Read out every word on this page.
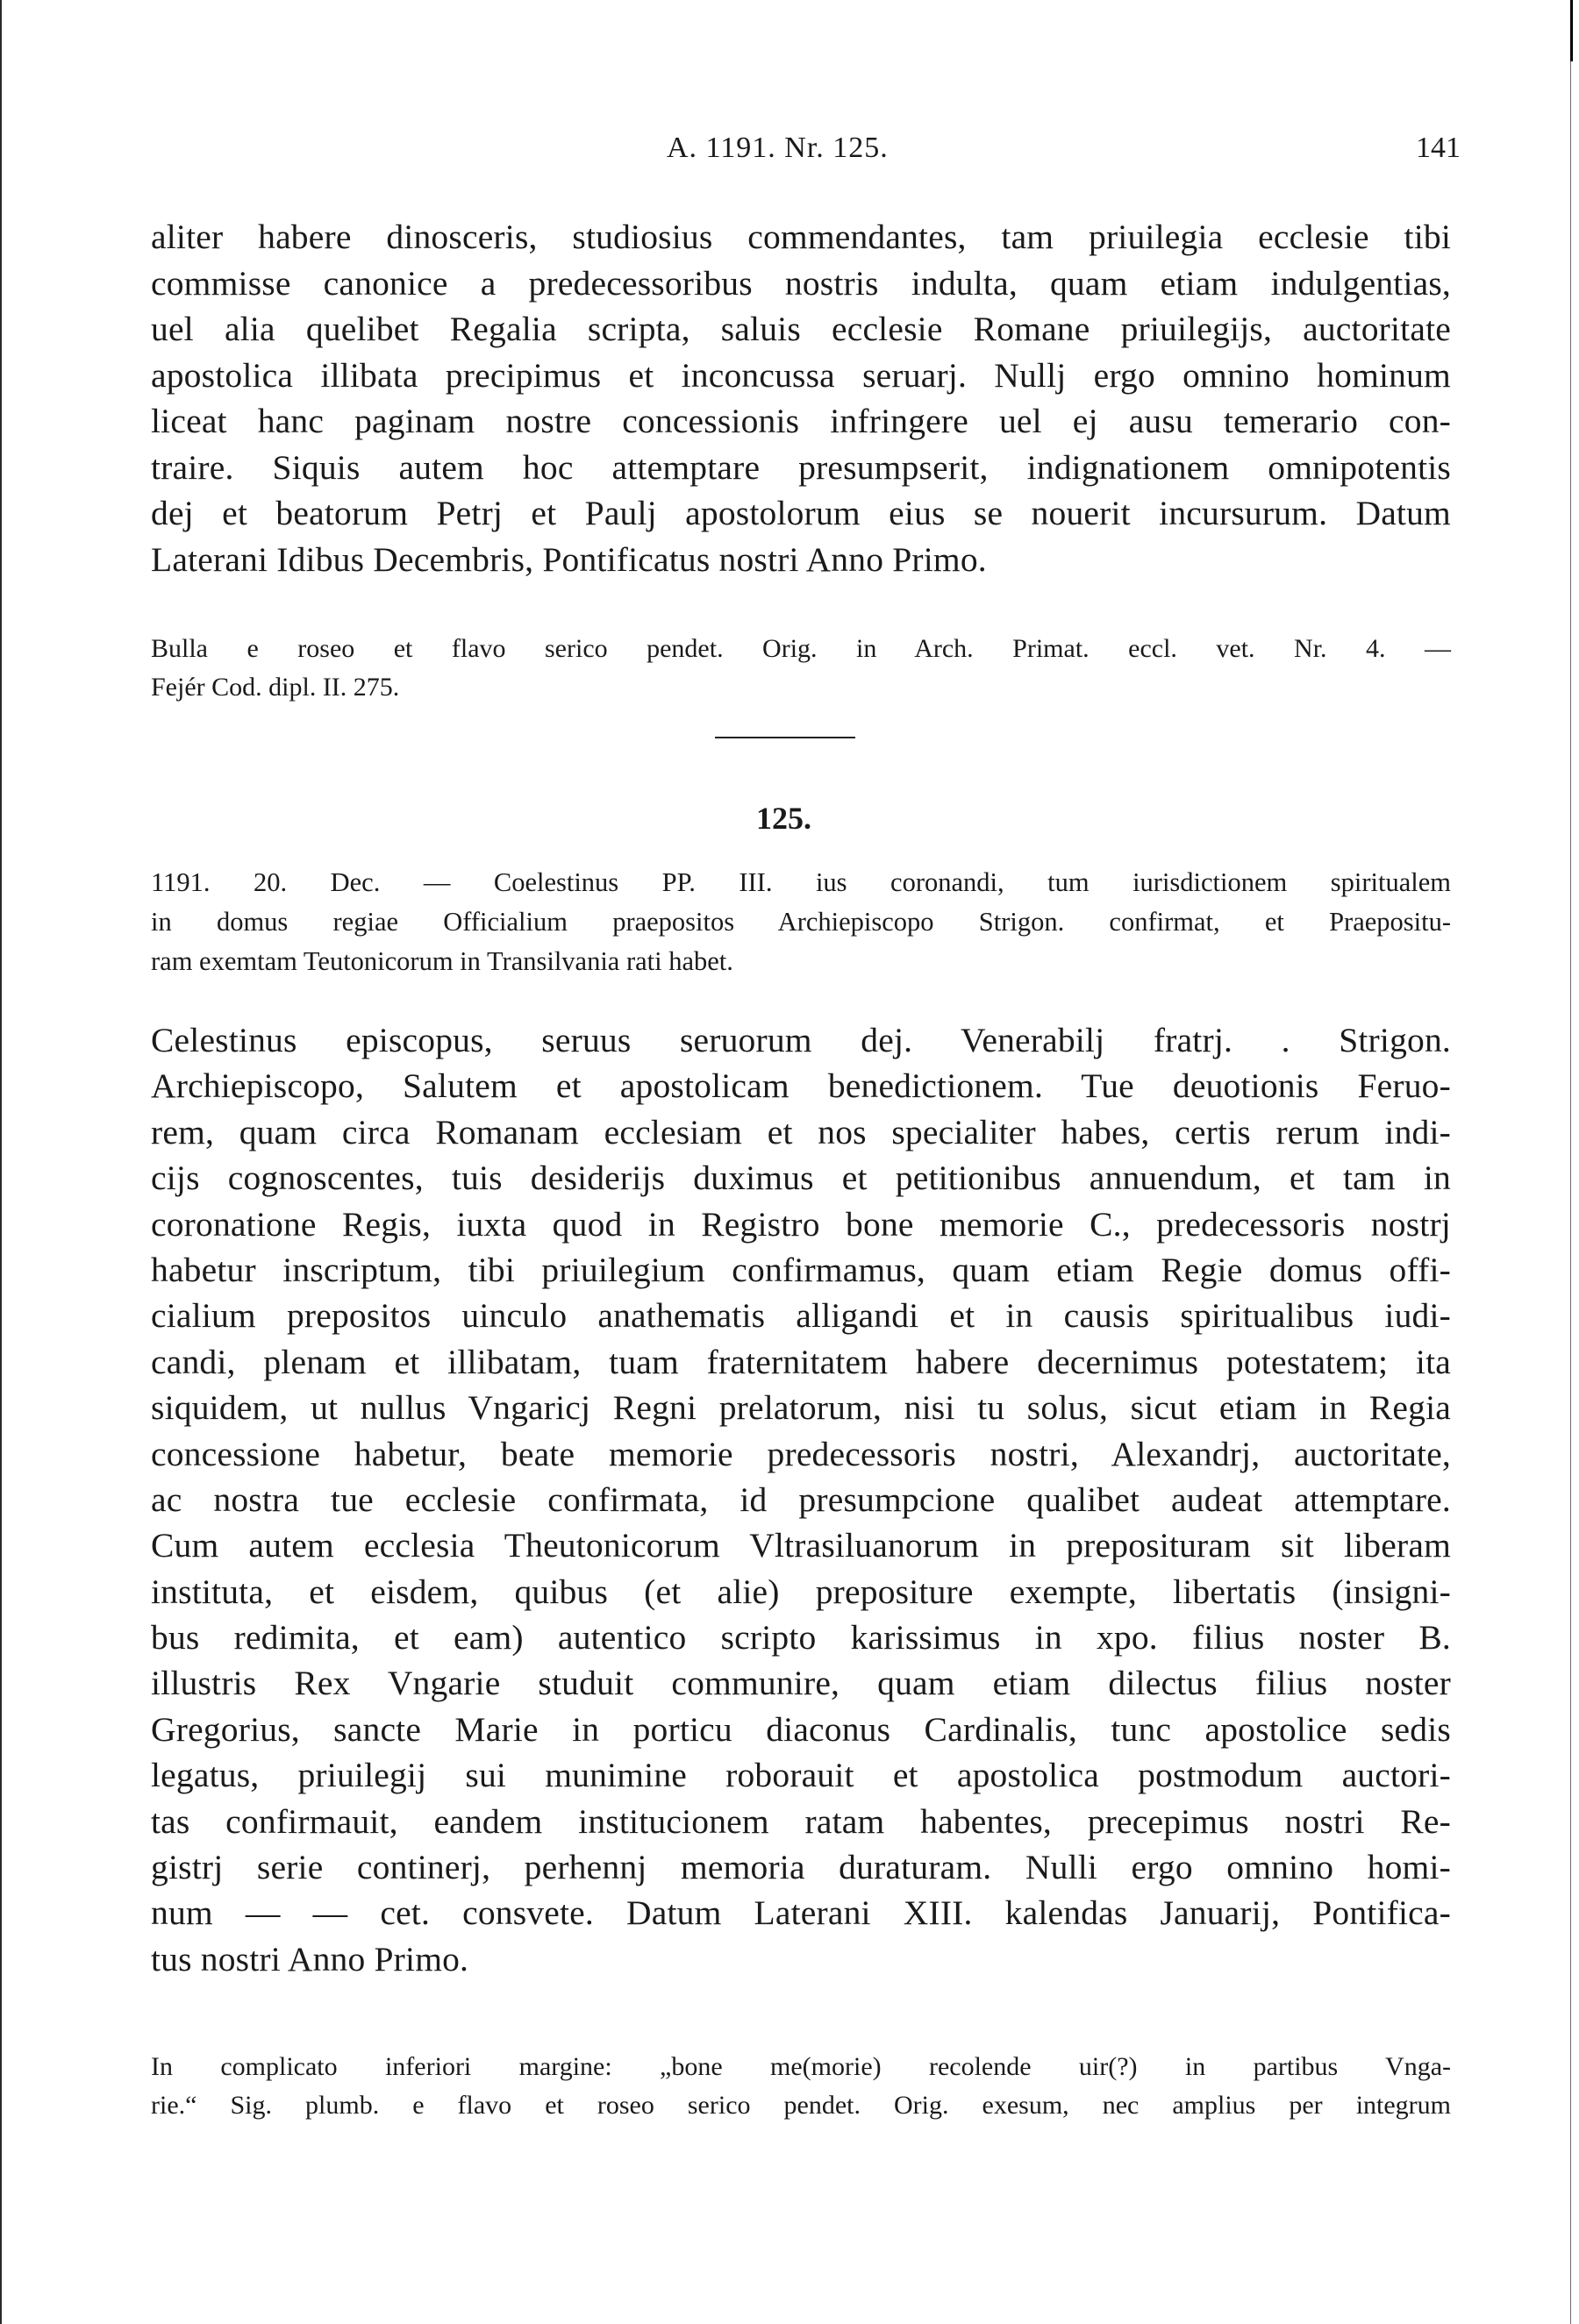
A. 1191. Nr. 125.	141
aliter habere dinosceris, studiosius commendantes, tam priuilegia ecclesie tibi
commisse canonice a predecessoribus nostris indulta, quam etiam indulgentias,
uel alia quelibet Regalia scripta, saluis ecclesie Romane priuilegijs, auctoritate
apostolica illibata precipimus et inconcussa seruarj. Nullj ergo omnino hominum
liceat hanc paginam nostre concessionis infringere uel ej ausu temerario con-
traire. Siquis autem hoc attemptare presumpserit, indignationem omnipotentis
dej et beatorum Petrj et Paulj apostolorum eius se nouerit incursurum. Datum
Laterani Idibus Decembris, Pontificatus nostri Anno Primo.
Bulla e roseo et flavo serico pendet. Orig. in Arch. Primat. eccl. vet. Nr. 4. —
Fejér Cod. dipl. II. 275.
125.
1191. 20. Dec. — Coelestinus PP. III. ius coronandi, tum iurisdictionem spiritualem
in domus regiae Officialium praepositos Archiepiscopo Strigon. confirmat, et Praepositu-
ram exemtam Teutonicorum in Transilvania rati habet.
Celestinus episcopus, seruus seruorum dej. Venerabilj fratrj. . Strigon.
Archiepiscopo, Salutem et apostolicam benedictionem. Tue deuotionis Feruo-
rem, quam circa Romanam ecclesiam et nos specialiter habes, certis rerum indi-
cijs cognoscentes, tuis desiderijs duximus et petitionibus annuendum, et tam in
coronatione Regis, iuxta quod in Registro bone memorie C., predecessoris nostrj
habetur inscriptum, tibi priuilegium confirmamus, quam etiam Regie domus offi-
cialium prepositos uinculo anathematis alligandi et in causis spiritualibus iudi-
candi, plenam et illibatam, tuam fraternitatem habere decernimus potestatem; ita
siquidem, ut nullus Vngaricj Regni prelatorum, nisi tu solus, sicut etiam in Regia
concessione habetur, beate memorie predecessoris nostri, Alexandrj, auctoritate,
ac nostra tue ecclesie confirmata, id presumpcione qualibet audeat attemptare.
Cum autem ecclesia Theutonicorum Vltrasiluanorum in preposituram sit liberam
instituta, et eisdem, quibus (et alie) prepositure exempte, libertatis (insigni-
bus redimita, et eam) autentico scripto karissimus in xpo. filius noster B.
illustris Rex Vngarie studuit communire, quam etiam dilectus filius noster
Gregorius, sancte Marie in porticu diaconus Cardinalis, tunc apostolice sedis
legatus, priuilegij sui munimine roborauit et apostolica postmodum auctori-
tas confirmauit, eandem institucionem ratam habentes, precepimus nostri Re-
gistrj serie continerj, perhennj memoria duraturam. Nulli ergo omnino homi-
num — — cet. consvete. Datum Laterani XIII. kalendas Januarij, Pontifica-
tus nostri Anno Primo.
In complicato inferiori margine: „bone me(morie) recolende uir(?) in partibus Vnga-
rie.“ Sig. plumb. e flavo et roseo serico pendet. Orig. exesum, nec amplius per integrum
